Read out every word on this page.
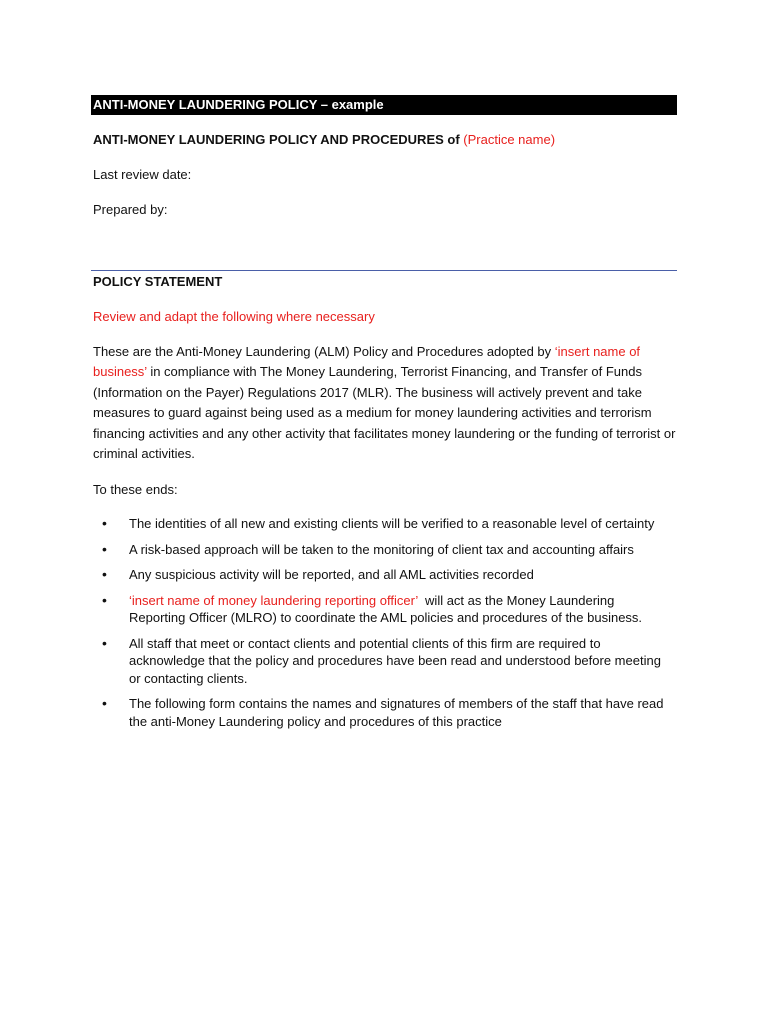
ANTI-MONEY LAUNDERING POLICY – example
ANTI-MONEY LAUNDERING POLICY AND PROCEDURES of (Practice name)
Last review date:
Prepared by:
POLICY STATEMENT
Review and adapt the following where necessary
These are the Anti-Money Laundering (ALM) Policy and Procedures adopted by ‘insert name of business’ in compliance with The Money Laundering, Terrorist Financing, and Transfer of Funds (Information on the Payer) Regulations 2017 (MLR). The business will actively prevent and take measures to guard against being used as a medium for money laundering activities and terrorism financing activities and any other activity that facilitates money laundering or the funding of terrorist or criminal activities.
To these ends:
• The identities of all new and existing clients will be verified to a reasonable level of certainty
• A risk-based approach will be taken to the monitoring of client tax and accounting affairs
• Any suspicious activity will be reported, and all AML activities recorded
• ‘insert name of money laundering reporting officer’  will act as the Money Laundering Reporting Officer (MLRO) to coordinate the AML policies and procedures of the business.
• All staff that meet or contact clients and potential clients of this firm are required to acknowledge that the policy and procedures have been read and understood before meeting or contacting clients.
• The following form contains the names and signatures of members of the staff that have read the anti-Money Laundering policy and procedures of this practice
